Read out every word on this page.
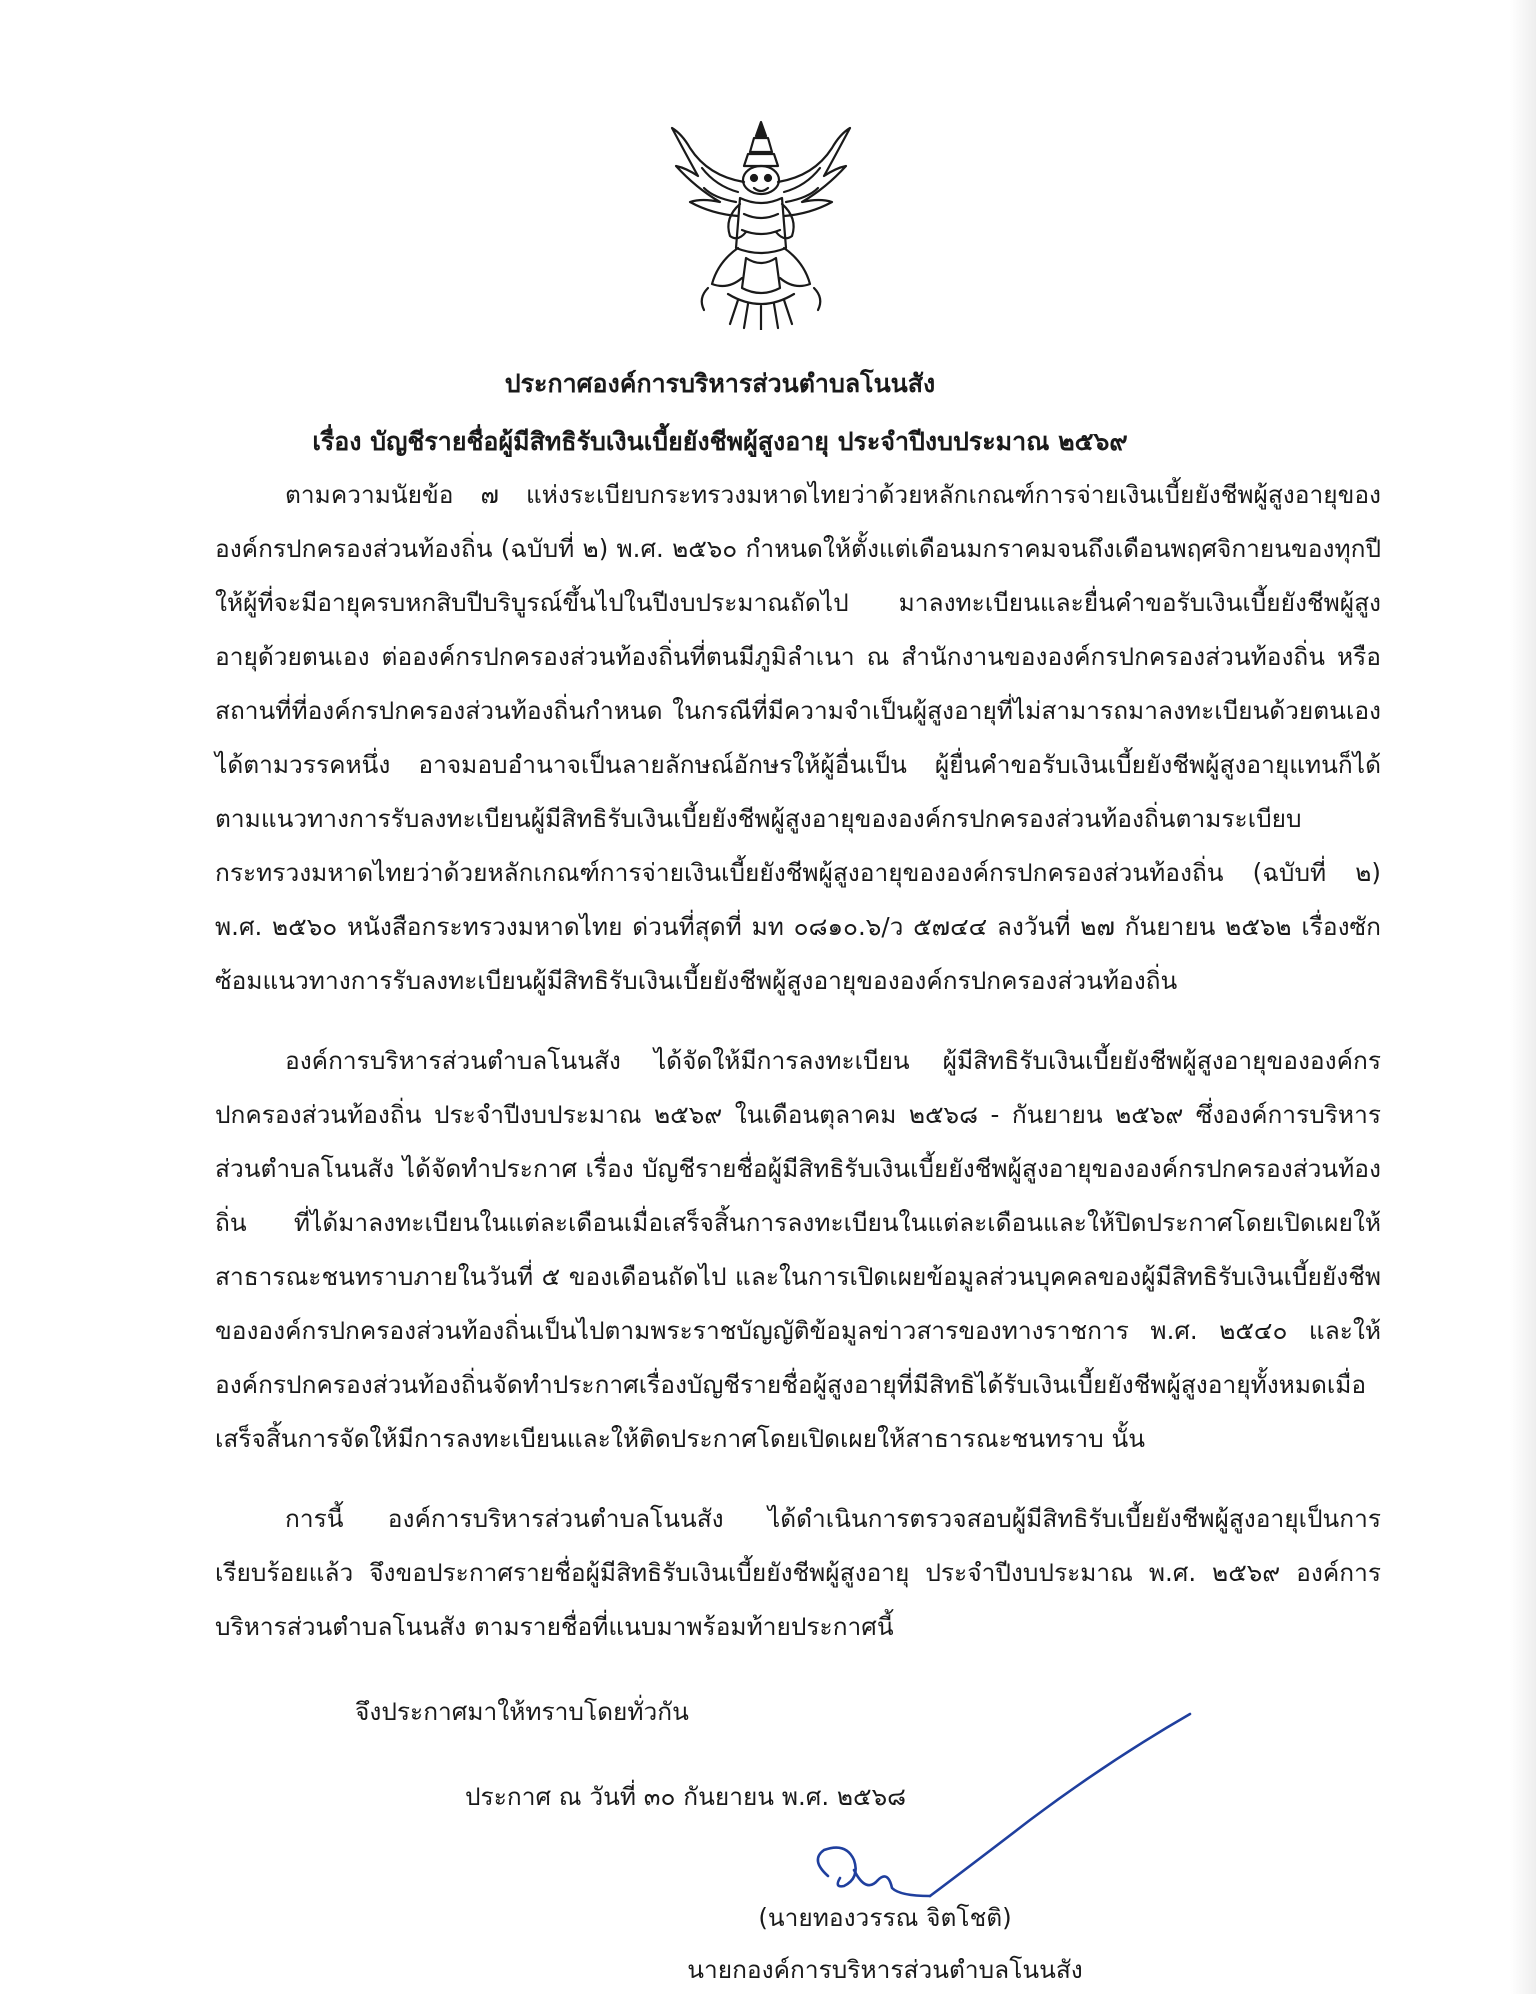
ประกาศองค์การบริหารส่วนตำบลโนนสัง
เรื่อง บัญชีรายชื่อผู้มีสิทธิรับเงินเบี้ยยังชีพผู้สูงอายุ ประจำปีงบประมาณ ๒๕๖๙

ตามความนัยข้อ ๗ แห่งระเบียบกระทรวงมหาดไทยว่าด้วยหลักเกณฑ์การจ่ายเงินเบี้ยยังชีพผู้สูงอายุขององค์กรปกครองส่วนท้องถิ่น (ฉบับที่ ๒) พ.ศ. ๒๕๖๐ กำหนดให้ตั้งแต่เดือนมกราคมจนถึงเดือนพฤศจิกายนของทุกปีให้ผู้ที่จะมีอายุครบหกสิบปีบริบูรณ์ขึ้นไปในปีงบประมาณถัดไป มาลงทะเบียนและยื่นคำขอรับเงินเบี้ยยังชีพผู้สูงอายุด้วยตนเอง ต่อองค์กรปกครองส่วนท้องถิ่นที่ตนมีภูมิลำเนา ณ สำนักงานขององค์กรปกครองส่วนท้องถิ่น หรือสถานที่ที่องค์กรปกครองส่วนท้องถิ่นกำหนด ในกรณีที่มีความจำเป็นผู้สูงอายุที่ไม่สามารถมาลงทะเบียนด้วยตนเองได้ตามวรรคหนึ่ง อาจมอบอำนาจเป็นลายลักษณ์อักษรให้ผู้อื่นเป็น ผู้ยื่นคำขอรับเงินเบี้ยยังชีพผู้สูงอายุแทนก็ได้ ตามแนวทางการรับลงทะเบียนผู้มีสิทธิรับเงินเบี้ยยังชีพผู้สูงอายุขององค์กรปกครองส่วนท้องถิ่นตามระเบียบกระทรวงมหาดไทยว่าด้วยหลักเกณฑ์การจ่ายเงินเบี้ยยังชีพผู้สูงอายุขององค์กรปกครองส่วนท้องถิ่น (ฉบับที่ ๒) พ.ศ. ๒๕๖๐ หนังสือกระทรวงมหาดไทย ด่วนที่สุดที่ มท ๐๘๑๐.๖/ว ๕๗๔๔ ลงวันที่ ๒๗ กันยายน ๒๕๖๒ เรื่องซักซ้อมแนวทางการรับลงทะเบียนผู้มีสิทธิรับเงินเบี้ยยังชีพผู้สูงอายุขององค์กรปกครองส่วนท้องถิ่น

องค์การบริหารส่วนตำบลโนนสัง ได้จัดให้มีการลงทะเบียน ผู้มีสิทธิรับเงินเบี้ยยังชีพผู้สูงอายุขององค์กรปกครองส่วนท้องถิ่น ประจำปีงบประมาณ ๒๕๖๙ ในเดือนตุลาคม ๒๕๖๘ - กันยายน ๒๕๖๙ ซึ่งองค์การบริหารส่วนตำบลโนนสัง ได้จัดทำประกาศ เรื่อง บัญชีรายชื่อผู้มีสิทธิรับเงินเบี้ยยังชีพผู้สูงอายุขององค์กรปกครองส่วนท้องถิ่น ที่ได้มาลงทะเบียนในแต่ละเดือนเมื่อเสร็จสิ้นการลงทะเบียนในแต่ละเดือนและให้ปิดประกาศโดยเปิดเผยให้สาธารณะชนทราบภายในวันที่ ๕ ของเดือนถัดไป และในการเปิดเผยข้อมูลส่วนบุคคลของผู้มีสิทธิรับเงินเบี้ยยังชีพขององค์กรปกครองส่วนท้องถิ่นเป็นไปตามพระราชบัญญัติข้อมูลข่าวสารของทางราชการ พ.ศ. ๒๕๔๐ และให้องค์กรปกครองส่วนท้องถิ่นจัดทำประกาศเรื่องบัญชีรายชื่อผู้สูงอายุที่มีสิทธิได้รับเงินเบี้ยยังชีพผู้สูงอายุทั้งหมดเมื่อเสร็จสิ้นการจัดให้มีการลงทะเบียนและให้ติดประกาศโดยเปิดเผยให้สาธารณะชนทราบ นั้น

การนี้ องค์การบริหารส่วนตำบลโนนสัง ได้ดำเนินการตรวจสอบผู้มีสิทธิรับเบี้ยยังชีพผู้สูงอายุเป็นการเรียบร้อยแล้ว จึงขอประกาศรายชื่อผู้มีสิทธิรับเงินเบี้ยยังชีพผู้สูงอายุ ประจำปีงบประมาณ พ.ศ. ๒๕๖๙ องค์การบริหารส่วนตำบลโนนสัง ตามรายชื่อที่แนบมาพร้อมท้ายประกาศนี้

จึงประกาศมาให้ทราบโดยทั่วกัน
ประกาศ ณ วันที่ ๓๐ กันยายน พ.ศ. ๒๕๖๘
(นายทองวรรณ จิตโชติ)
นายกองค์การบริหารส่วนตำบลโนนสัง
